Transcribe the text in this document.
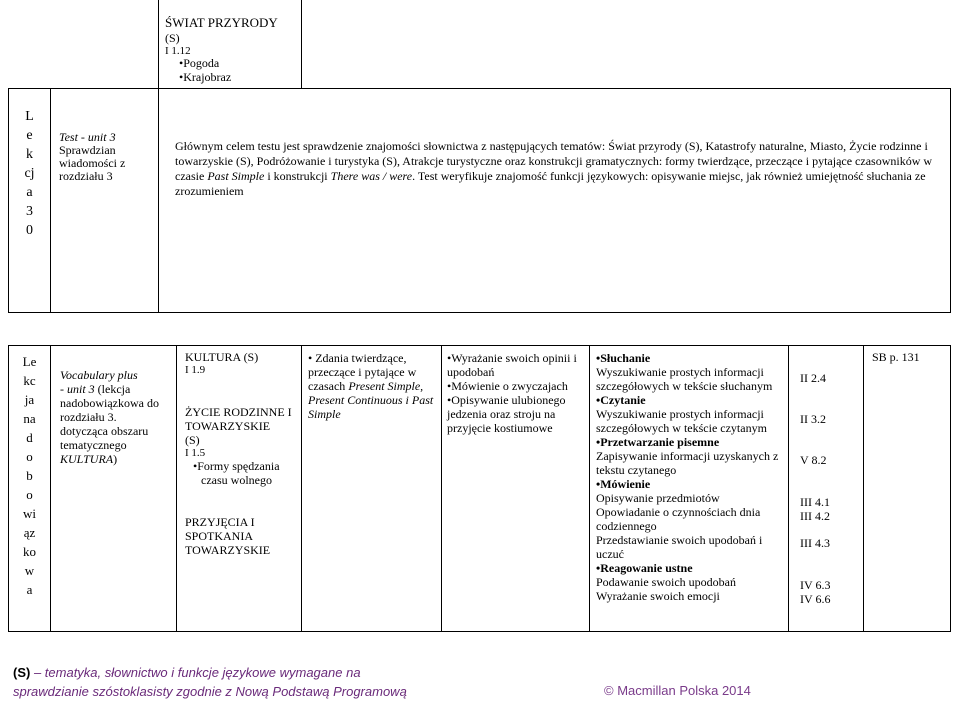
ŚWIAT PRZYRODY
(S)
I 1.12
• Pogoda
• Krajobraz
L
e
k
cj
a
3
0
Test - unit 3
Sprawdzian
wiadomości z
rozdziału 3
Głównym celem testu jest sprawdzenie znajomości słownictwa z następujących tematów: Świat przyrody (S), Katastrofy naturalne, Miasto, Życie rodzinne i towarzyskie (S), Podróżowanie i turystyka (S), Atrakcje turystyczne oraz konstrukcji gramatycznych: formy twierdzące, przeczące i pytające czasowników w czasie Past Simple i konstrukcji There was / were. Test weryfikuje znajomość funkcji językowych: opisywanie miejsc, jak również umiejętność słuchania ze zrozumieniem
Le
kc
ja
na
d
o
b
o
wi
ąz
ko
w
a
Vocabulary plus
- unit 3 (lekcja nadobowiązkowa do rozdziału 3. dotycząca obszaru tematycznego KULTURA)
KULTURA (S)
I 1.9
ŻYCIE RODZINNE I TOWARZYSKIE
(S)
I 1.5
• Formy spędzania czasu wolnego
PRZYJĘCIA I SPOTKANIA TOWARZYSKIE
• Zdania twierdzące, przeczące i pytające w czasach Present Simple, Present Continuous i Past Simple
• Wyrażanie swoich opinii i upodobań
• Mówienie o zwyczajach
• Opisywanie ulubionego jedzenia oraz stroju na przyjęcie kostiumowe
• Słuchanie
Wyszukiwanie prostych informacji szczegółowych w tekście słuchanym
• Czytanie
Wyszukiwanie prostych informacji szczegółowych w tekście czytanym
• Przetwarzanie pisemne
Zapisywanie informacji uzyskanych z tekstu czytanego
• Mówienie
Opisywanie przedmiotów
Opowiadanie o czynnościach dnia codziennego
Przedstawianie swoich upodobań i uczuć
• Reagowanie ustne
Podawanie swoich upodobań
Wyrażanie swoich emocji
II 2.4
II 3.2
V 8.2
III 4.1
III 4.2
III 4.3
IV 6.3
IV 6.6
SB p. 131
(S) – tematyka, słownictwo i funkcje językowe wymagane na
sprawdzianie szóstoklasisty zgodnie z Nową Podstawą Programową	© Macmillan Polska 2014
